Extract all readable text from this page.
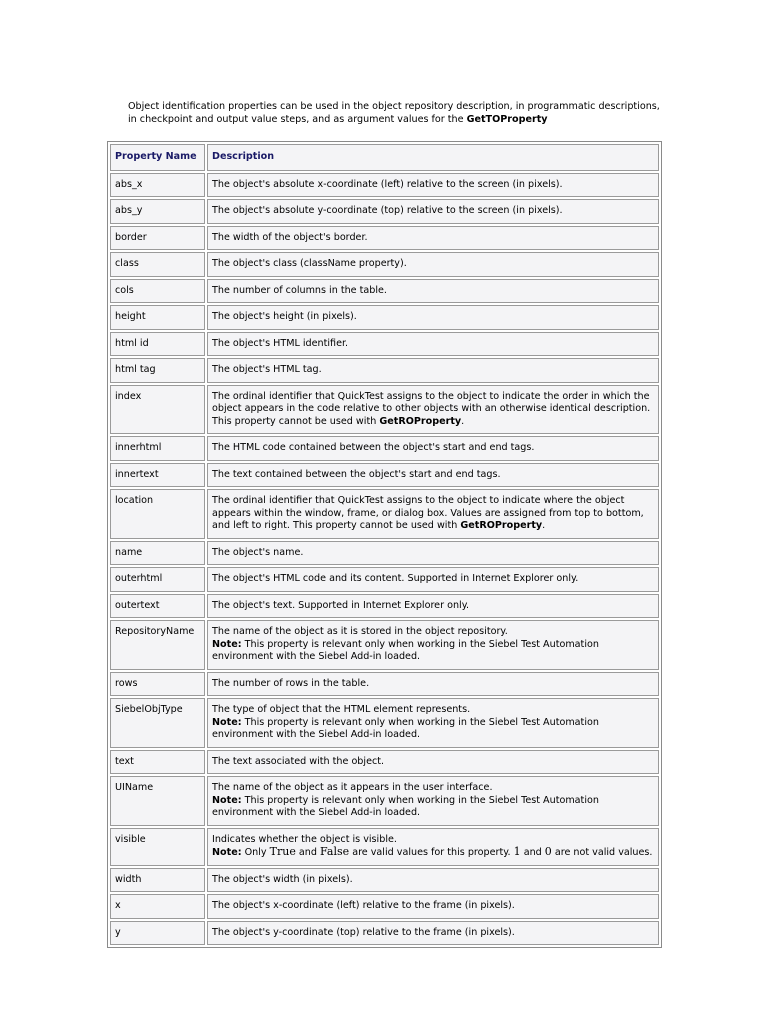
Object identification properties can be used in the object repository description, in programmatic descriptions, in checkpoint and output value steps, and as argument values for the GetTOProperty
Property Name	Description
abs_x	The object's absolute x-coordinate (left) relative to the screen (in pixels).
abs_y	The object's absolute y-coordinate (top) relative to the screen (in pixels).
border	The width of the object's border.
class	The object's class (className property).
cols	The number of columns in the table.
height	The object's height (in pixels).
html id	The object's HTML identifier.
html tag	The object's HTML tag.
index	The ordinal identifier that QuickTest assigns to the object to indicate the order in which the object appears in the code relative to other objects with an otherwise identical description. This property cannot be used with GetROProperty.
innerhtml	The HTML code contained between the object's start and end tags.
innertext	The text contained between the object's start and end tags.
location	The ordinal identifier that QuickTest assigns to the object to indicate where the object appears within the window, frame, or dialog box. Values are assigned from top to bottom, and left to right. This property cannot be used with GetROProperty.
name	The object's name.
outerhtml	The object's HTML code and its content. Supported in Internet Explorer only.
outertext	The object's text. Supported in Internet Explorer only.
RepositoryName	The name of the object as it is stored in the object repository.
Note: This property is relevant only when working in the Siebel Test Automation environment with the Siebel Add-in loaded.
rows	The number of rows in the table.
SiebelObjType	The type of object that the HTML element represents.
Note: This property is relevant only when working in the Siebel Test Automation environment with the Siebel Add-in loaded.
text	The text associated with the object.
UIName	The name of the object as it appears in the user interface.
Note: This property is relevant only when working in the Siebel Test Automation environment with the Siebel Add-in loaded.
visible	Indicates whether the object is visible.
Note: Only True and False are valid values for this property. 1 and 0 are not valid values.
width	The object's width (in pixels).
x	The object's x-coordinate (left) relative to the frame (in pixels).
y	The object's y-coordinate (top) relative to the frame (in pixels).
